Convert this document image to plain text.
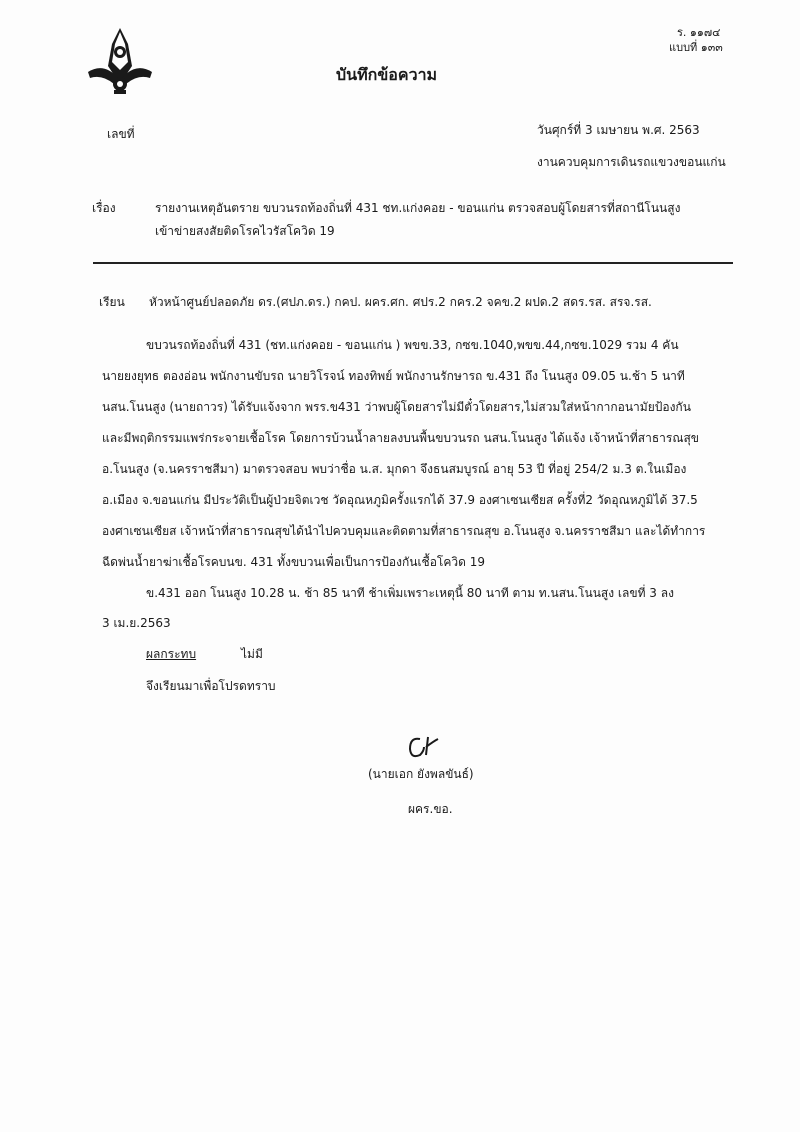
ร. ๑๑๗๔
แบบที่ ๑๓๓
บันทึกข้อความ
เลขที่	วันศุกร์ที่ 3 เมษายน พ.ศ. 2563
งานควบคุมการเดินรถแขวงขอนแก่น
เรื่อง	รายงานเหตุอันตราย ขบวนรถท้องถิ่นที่ 431 ชท.แก่งคอย - ขอนแก่น ตรวจสอบผู้โดยสารที่สถานีโนนสูง
เข้าข่ายสงสัยติดโรคไวรัสโควิด 19
เรียน หัวหน้าศูนย์ปลอดภัย ดร.(ศปภ.ดร.) กคป. ผคร.ศก. ศปร.2 กคร.2 จคข.2 ผปด.2 สดร.รส. สรจ.รส.
ขบวนรถท้องถิ่นที่ 431 (ชท.แก่งคอย - ขอนแก่น ) พขข.33, กซข.1040,พขข.44,กซข.1029 รวม 4 คัน
นายยงยุทธ ตองอ่อน พนักงานขับรถ นายวิโรจน์ ทองทิพย์ พนักงานรักษารถ ข.431 ถึง โนนสูง 09.05 น.ช้า 5 นาที
นสน.โนนสูง (นายถาวร) ได้รับแจ้งจาก พรร.ข431 ว่าพบผู้โดยสารไม่มีตั๋วโดยสาร,ไม่สวมใส่หน้ากากอนามัยป้องกัน
และมีพฤติกรรมแพร่กระจายเชื้อโรค โดยการบ้วนน้ำลายลงบนพื้นขบวนรถ นสน.โนนสูง ได้แจ้ง เจ้าหน้าที่สาธารณสุข
อ.โนนสูง (จ.นครราชสีมา) มาตรวจสอบ พบว่าชื่อ น.ส. มุกดา จึงธนสมบูรณ์ อายุ 53 ปี ที่อยู่ 254/2 ม.3 ต.ในเมือง
อ.เมือง จ.ขอนแก่น มีประวัติเป็นผู้ป่วยจิตเวช วัดอุณหภูมิครั้งแรกได้ 37.9 องศาเซนเซียส ครั้งที่2 วัดอุณหภูมิได้ 37.5
องศาเซนเซียส เจ้าหน้าที่สาธารณสุขได้นำไปควบคุมและติดตามที่สาธารณสุข อ.โนนสูง จ.นครราชสีมา และได้ทำการ
ฉีดพ่นน้ำยาฆ่าเชื้อโรคบนข. 431 ทั้งขบวนเพื่อเป็นการป้องกันเชื้อโควิด 19
ข.431 ออก โนนสูง 10.28 น. ช้า 85 นาที ช้าเพิ่มเพราะเหตุนี้ 80 นาที ตาม ท.นสน.โนนสูง เลขที่ 3 ลง
3 เม.ย.2563
ผลกระทบ	ไม่มี
จึงเรียนมาเพื่อโปรดทราบ
(นายเอก ยังพลขันธ์)
ผคร.ขอ.
